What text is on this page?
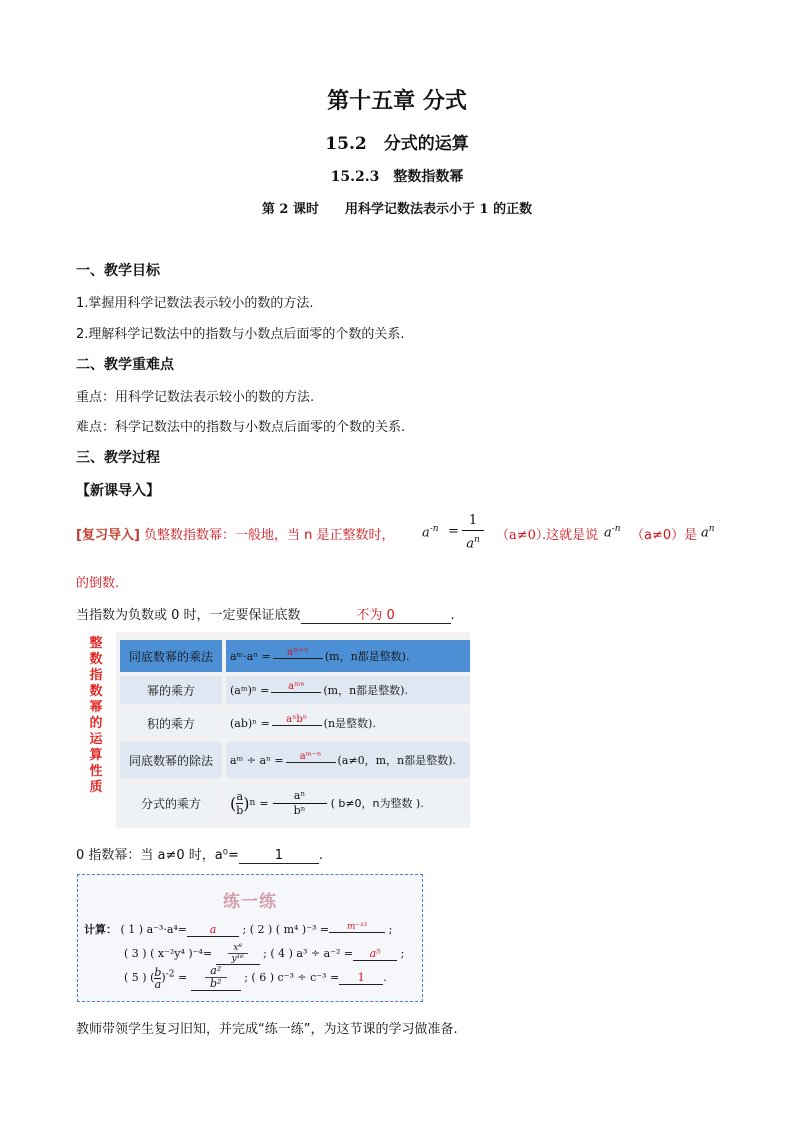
第十五章 分式
15.2　分式的运算
15.2.3　整数指数幂
第 2 课时　　用科学记数法表示小于 1 的正数
一、教学目标
1.掌握用科学记数法表示较小的数的方法.
2.理解科学记数法中的指数与小数点后面零的个数的关系.
二、教学重难点
重点：用科学记数法表示较小的数的方法.
难点：科学记数法中的指数与小数点后面零的个数的关系.
三、教学过程
【新课导入】
[复习导入] 负整数指数幂：一般地，当 n 是正整数时， $a^{-n} = \frac{1}{a^n} (a\ne 0)$
.这就是说 $a^{-n}$ （a≠0）是 $a^n$
的倒数.
当指数为负数或 0 时，一定要保证底数	不为 0	.
整
数
指
数
幂
的
运
算
性
质
同底数幂的乘法	aᵐ·aⁿ =	aᵐ⁺ⁿ	(m，n都是整数).
幂的乘方	(aᵐ)ⁿ =	aᵐⁿ	(m，n都是整数).
积的乘方	(ab)ⁿ =	aⁿbⁿ	(n是整数).
同底数幂的除法	aᵐ ÷ aⁿ =	aᵐ⁻ⁿ	(a≠0，m，n都是整数).
分式的乘方	( $\frac{a}{b}$ ) $n = \frac{\text{aⁿ}}{\text{bⁿ}}$ ( b≠0，n为整数 ).
0 指数幂：当 a≠0 时，a⁰=	1	.
练一练
计算： ( 1 ) a⁻³·a⁴= a ; ( 2 ) ( m⁴ )⁻³ = m⁻¹² ;
( 3 ) ( x⁻²y⁴ )$^{-4}= \frac{\text{x⁸}}{\text{y¹⁶}}$ ; ( 4 ) a³ ÷ a⁻² = a⁵ ;
( 5 ) ( $\frac{b}{a} )^{-2} = \frac{\text{a²}}{\text{b²}}$ ; ( 6 ) c⁻³ ÷ c⁻³ = 1 .
教师带领学生复习旧知，并完成“练一练”，为这节课的学习做准备.
